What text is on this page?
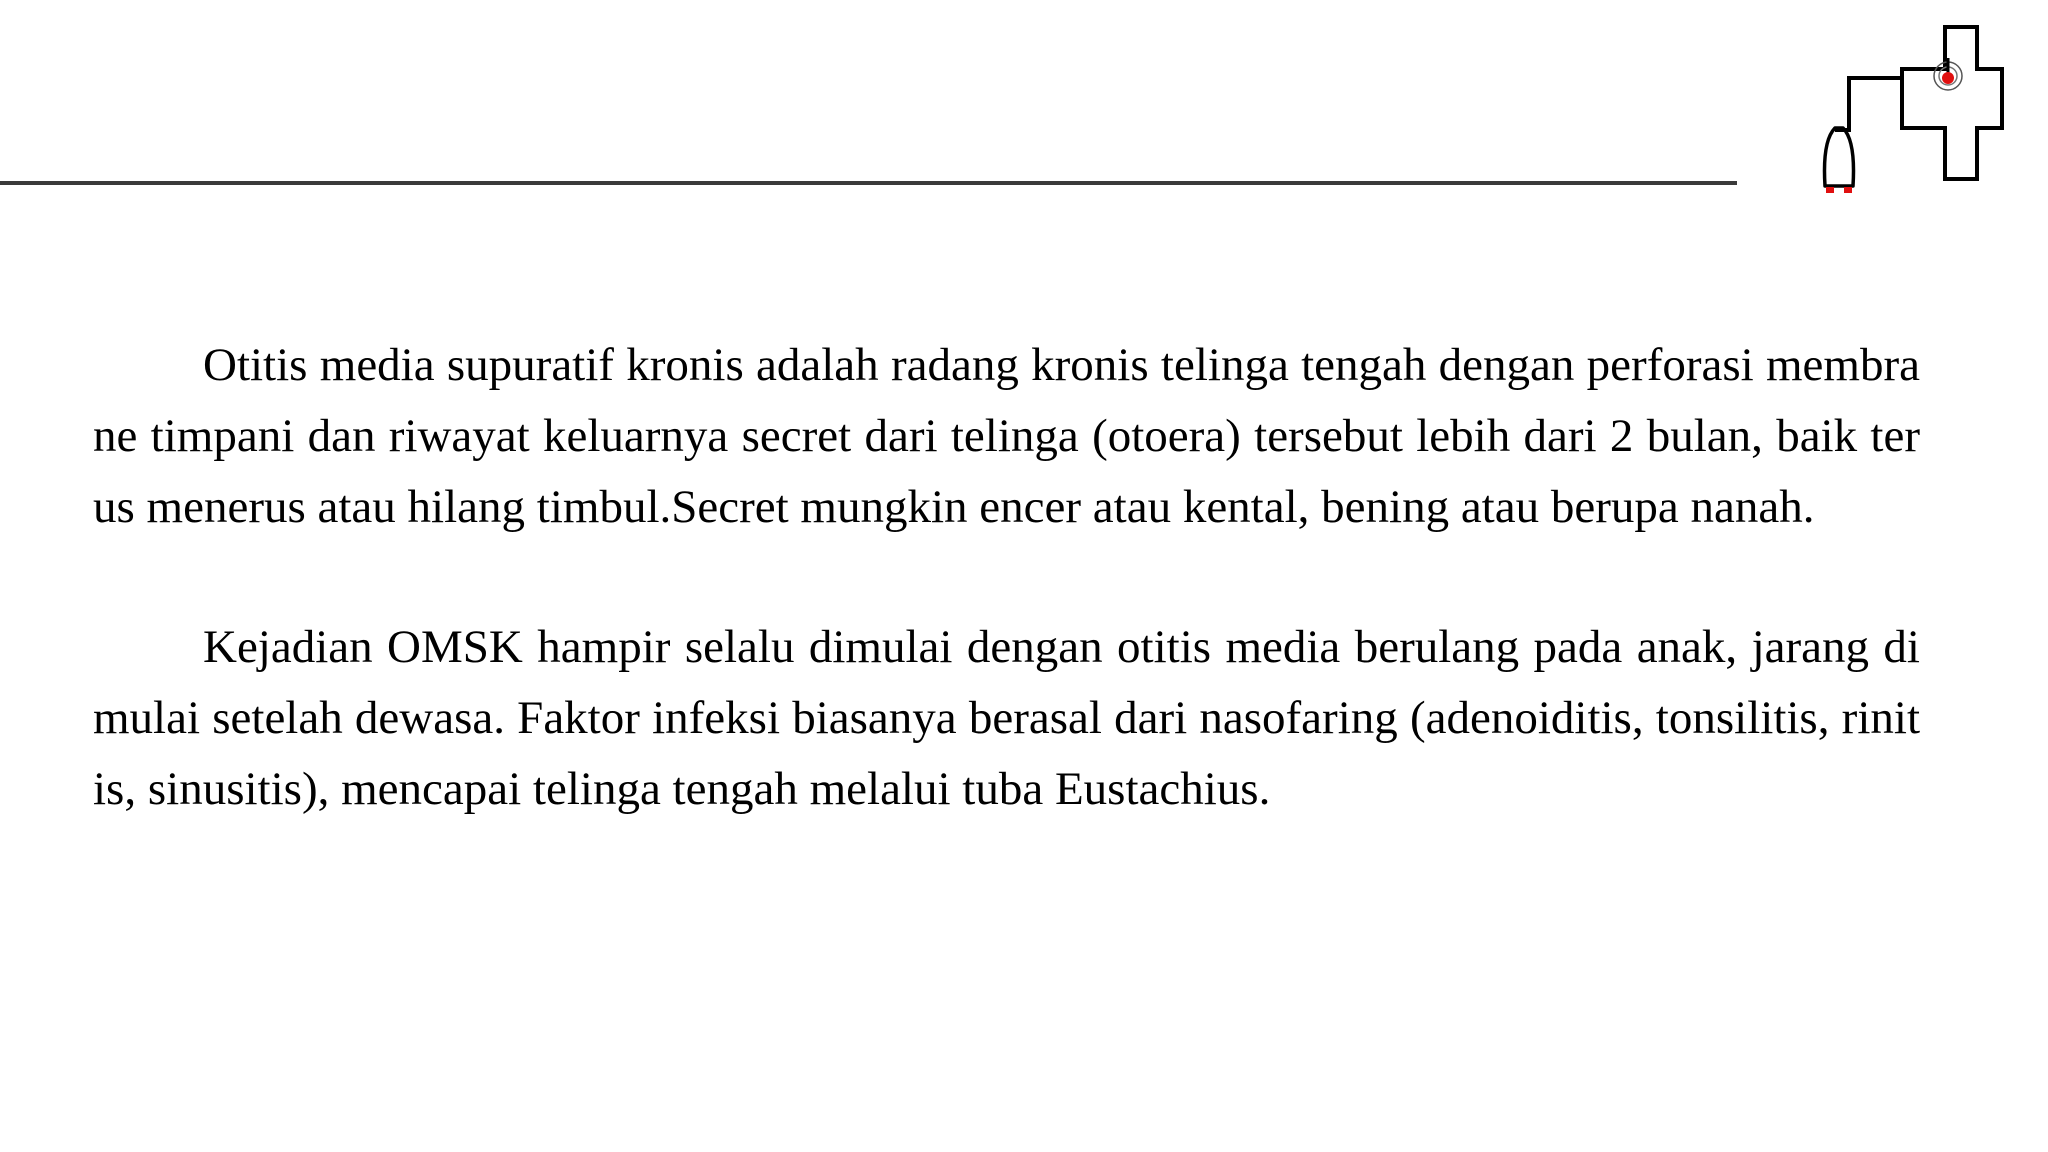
Otitis media supuratif kronis adalah radang kronis telinga tengah dengan perforasi membrane timpani dan riwayat keluarnya secret dari telinga (otoera) tersebut lebih dari 2 bulan, baik terus menerus atau hilang timbul.Secret mungkin encer atau kental, bening atau berupa nanah.

Kejadian OMSK hampir selalu dimulai dengan otitis media berulang pada anak, jarang dimulai setelah dewasa. Faktor infeksi biasanya berasal dari nasofaring (adenoiditis, tonsilitis, rinitis, sinusitis), mencapai telinga tengah melalui tuba Eustachius.
